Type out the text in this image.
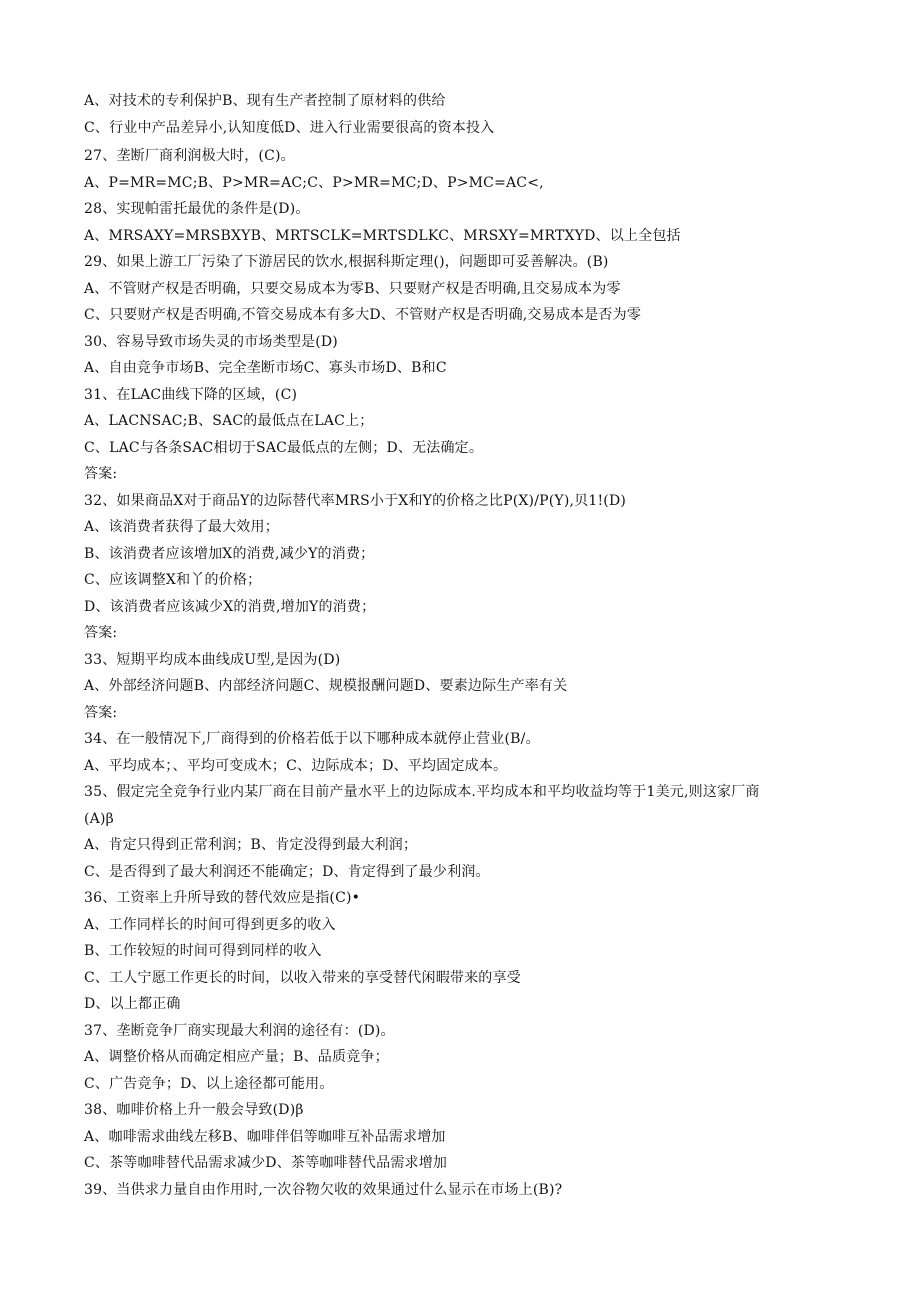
A、对技术的专利保护B、现有生产者控制了原材料的供给
C、行业中产品差异小,认知度低D、进入行业需要很高的资本投入
27、垄断厂商利润极大时，(C)。
A、P=MR=MC;B、P>MR=AC;C、P>MR=MC;D、P>MC=AC<,
28、实现帕雷托最优的条件是(D)。
A、MRSAXY=MRSBXYB、MRTSCLK=MRTSDLKC、MRSXY=MRTXYD、以上全包括
29、如果上游工厂污染了下游居民的饮水,根据科斯定理()，问题即可妥善解决。(B)
A、不管财产权是否明确，只要交易成本为零B、只要财产权是否明确,且交易成本为零
C、只要财产权是否明确,不管交易成本有多大D、不管财产权是否明确,交易成本是否为零
30、容易导致市场失灵的市场类型是(D)
A、自由竞争市场B、完全垄断市场C、寡头市场D、B和C
31、在LAC曲线下降的区域，(C)
A、LACNSAC;B、SAC的最低点在LAC上；
C、LAC与各条SAC相切于SAC最低点的左侧；D、无法确定。
答案:
32、如果商品X对于商品Y的边际替代率MRS小于X和Y的价格之比P(X)/P(Y),贝1!(D)
A、该消费者获得了最大效用；
B、该消费者应该增加X的消费,减少Y的消费；
C、应该调整X和丫的价格；
D、该消费者应该减少X的消费,增加Y的消费；
答案:
33、短期平均成本曲线成U型,是因为(D)
A、外部经济问题B、内部经济问题C、规模报酬问题D、要素边际生产率有关
答案:
34、在一般情况下,厂商得到的价格若低于以下哪种成本就停止营业(B/。
A、平均成本；、平均可变成木；C、边际成本；D、平均固定成本。
35、假定完全竞争行业内某厂商在目前产量水平上的边际成本.平均成本和平均收益均等于1美元,则这家厂商
(A)β
A、肯定只得到正常利润；B、肯定没得到最大利润；
C、是否得到了最大利润还不能确定；D、肯定得到了最少利润。
36、工资率上升所导致的替代效应是指(C)•
A、工作同样长的时间可得到更多的收入
B、工作较短的时间可得到同样的收入
C、工人宁愿工作更长的时间，以收入带来的享受替代闲暇带来的享受
D、以上都正确
37、垄断竞争厂商实现最大利润的途径有：(D)。
A、调整价格从而确定相应产量；B、品质竞争；
C、广告竞争；D、以上途径都可能用。
38、咖啡价格上升一般会导致(D)β
A、咖啡需求曲线左移B、咖啡伴侣等咖啡互补品需求增加
C、茶等咖啡替代品需求减少D、茶等咖啡替代品需求增加
39、当供求力量自由作用时,一次谷物欠收的效果通过什么显示在市场上(B)?
